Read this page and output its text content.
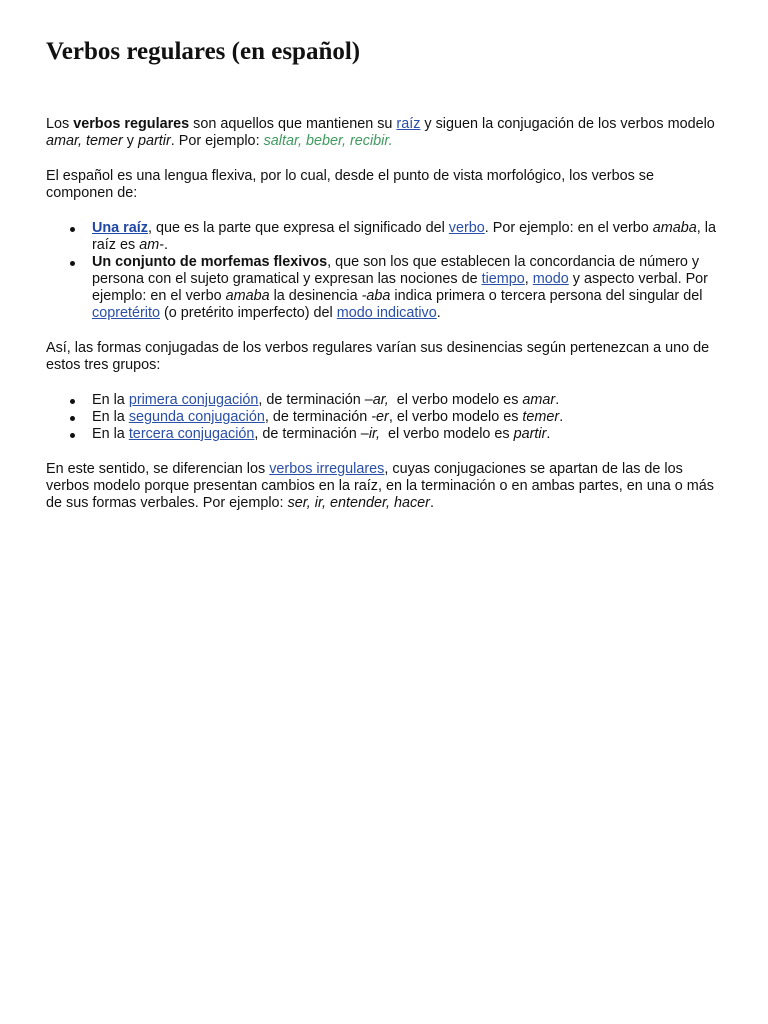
Verbos regulares (en español)

Los verbos regulares son aquellos que mantienen su raíz y siguen la conjugación de los verbos modelo amar, temer y partir. Por ejemplo: saltar, beber, recibir.

El español es una lengua flexiva, por lo cual, desde el punto de vista morfológico, los verbos se componen de:

Una raíz, que es la parte que expresa el significado del verbo. Por ejemplo: en el verbo amaba, la raíz es am-.
Un conjunto de morfemas flexivos, que son los que establecen la concordancia de número y persona con el sujeto gramatical y expresan las nociones de tiempo, modo y aspecto verbal. Por ejemplo: en el verbo amaba la desinencia -aba indica primera o tercera persona del singular del copretérito (o pretérito imperfecto) del modo indicativo.

Así, las formas conjugadas de los verbos regulares varían sus desinencias según pertenezcan a uno de estos tres grupos:

En la primera conjugación, de terminación –ar,  el verbo modelo es amar.
En la segunda conjugación, de terminación -er, el verbo modelo es temer.
En la tercera conjugación, de terminación –ir,  el verbo modelo es partir.

En este sentido, se diferencian los verbos irregulares, cuyas conjugaciones se apartan de las de los verbos modelo porque presentan cambios en la raíz, en la terminación o en ambas partes, en una o más de sus formas verbales. Por ejemplo: ser, ir, entender, hacer.
